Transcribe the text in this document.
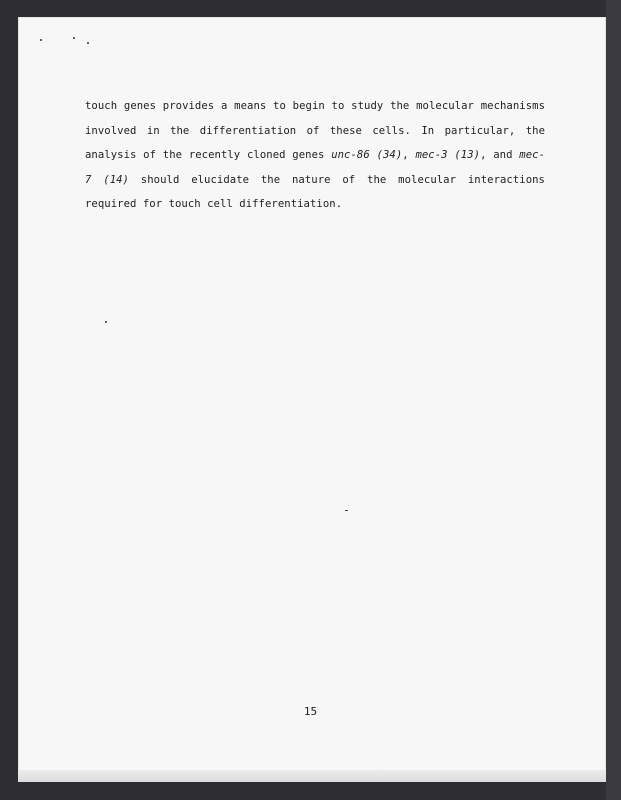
touch genes provides a means to begin to study the molecular mechanisms involved in the differentiation of these cells. In particular, the analysis of the recently cloned genes unc-86 (34), mec-3 (13), and mec-7 (14) should elucidate the nature of the molecular interactions required for touch cell differentiation.

15
